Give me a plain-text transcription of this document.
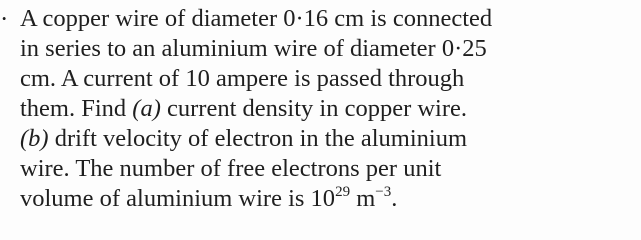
· A copper wire of diameter 0·16 cm is connected
in series to an aluminium wire of diameter 0·25
cm. A current of 10 ampere is passed through
them. Find (a) current density in copper wire.
(b) drift velocity of electron in the aluminium
wire. The number of free electrons per unit
volume of aluminium wire is $10^{29}$ $m^{-3}$.
